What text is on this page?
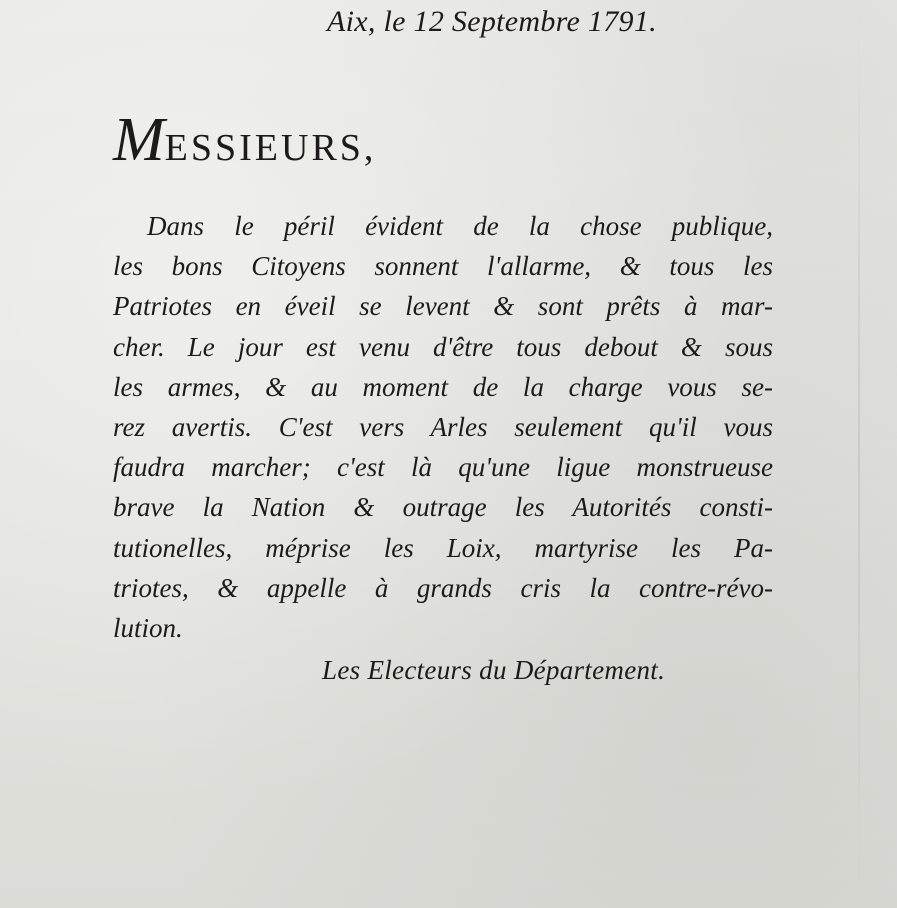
Aix, le 12 Septembre 1791.
MESSIEURS,
Dans le péril évident de la chose publique,
les bons Citoyens sonnent l'allarme, & tous les
Patriotes en éveil se levent & sont prêts à mar-
cher. Le jour est venu d'être tous debout & sous
les armes, & au moment de la charge vous se-
rez avertis. C'est vers Arles seulement qu'il vous
faudra marcher; c'est là qu'une ligue monstrueuse
brave la Nation & outrage les Autorités consti-
tutionelles, méprise les Loix, martyrise les Pa-
triotes, & appelle à grands cris la contre-révo-
lution.
Les Electeurs du Département.
